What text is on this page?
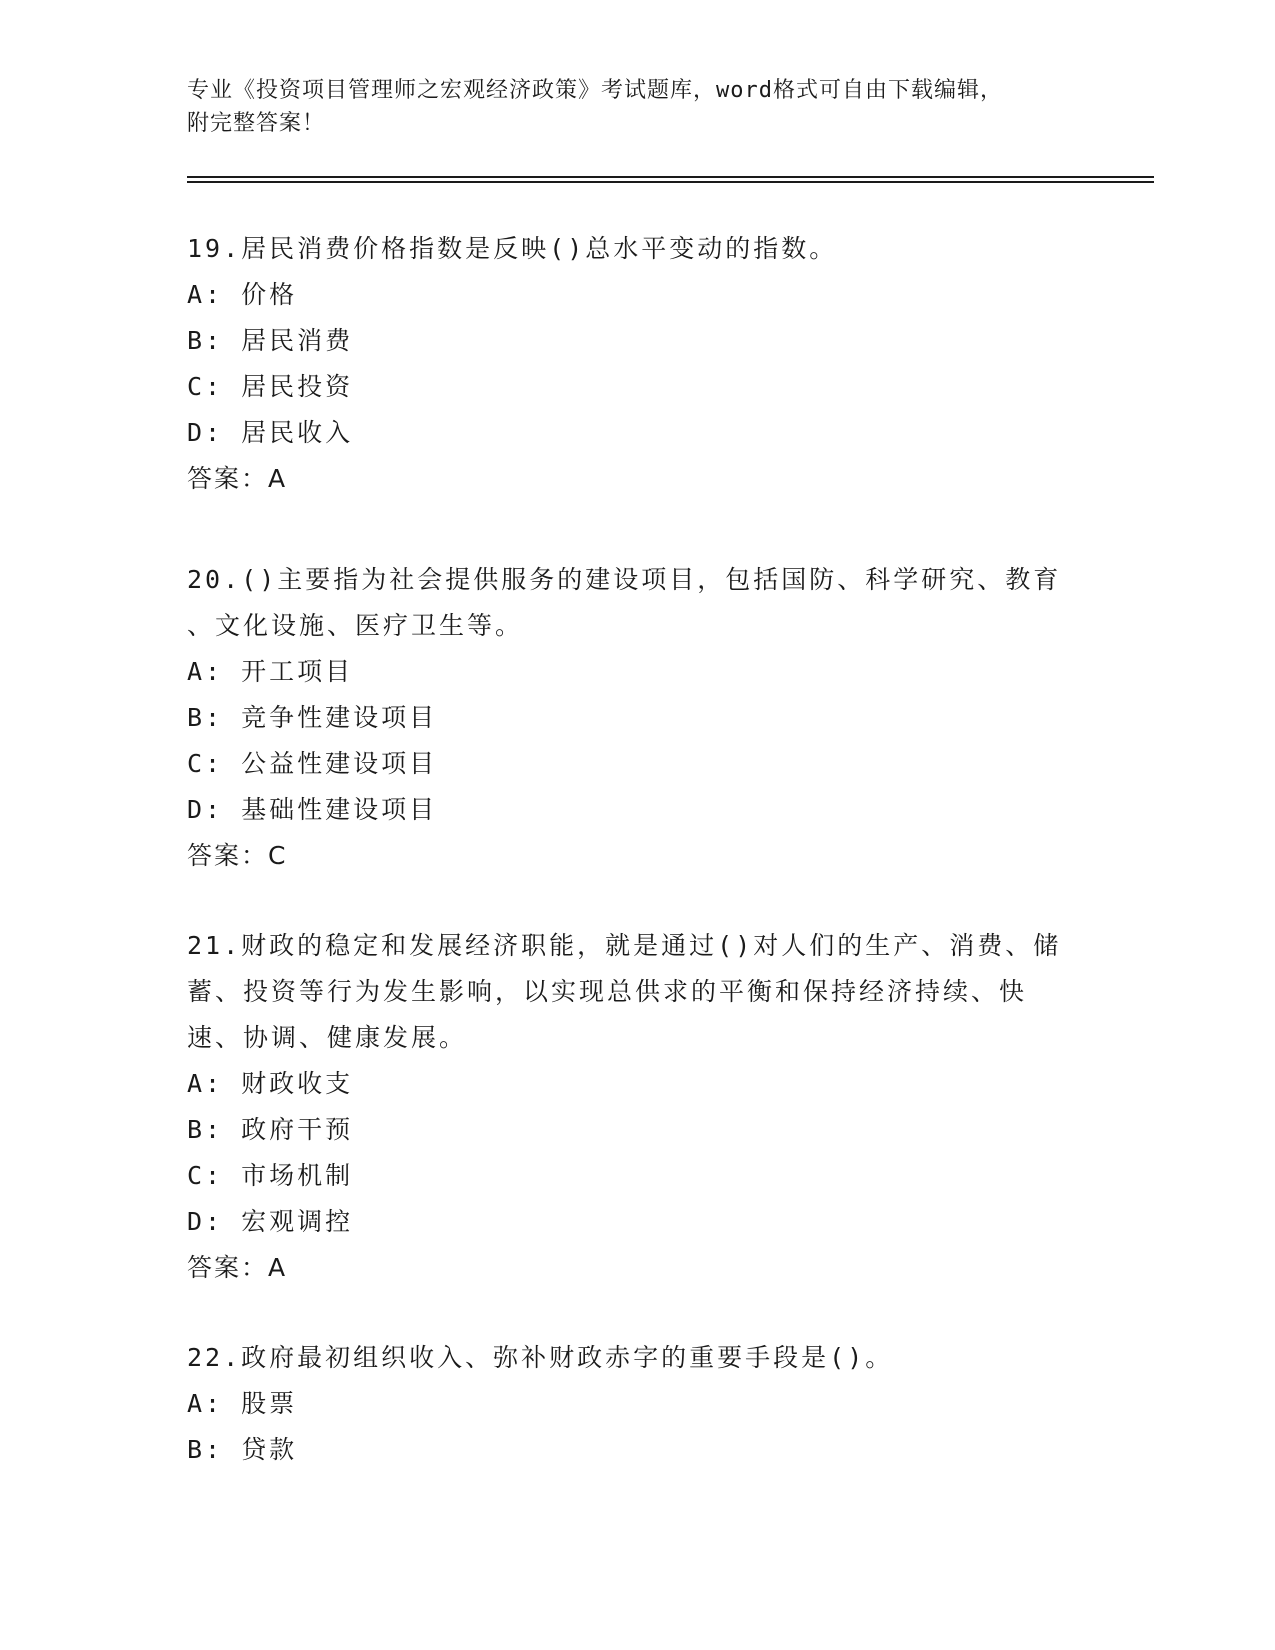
专业《投资项目管理师之宏观经济政策》考试题库，word格式可自由下载编辑，
附完整答案！
19.居民消费价格指数是反映()总水平变动的指数。
A: 价格
B: 居民消费
C: 居民投资
D: 居民收入
答案：A
20.()主要指为社会提供服务的建设项目，包括国防、科学研究、教育
、文化设施、医疗卫生等。
A: 开工项目
B: 竞争性建设项目
C: 公益性建设项目
D: 基础性建设项目
答案：C
21.财政的稳定和发展经济职能，就是通过()对人们的生产、消费、储
蓄、投资等行为发生影响，以实现总供求的平衡和保持经济持续、快
速、协调、健康发展。
A: 财政收支
B: 政府干预
C: 市场机制
D: 宏观调控
答案：A
22.政府最初组织收入、弥补财政赤字的重要手段是()。
A: 股票
B: 贷款
